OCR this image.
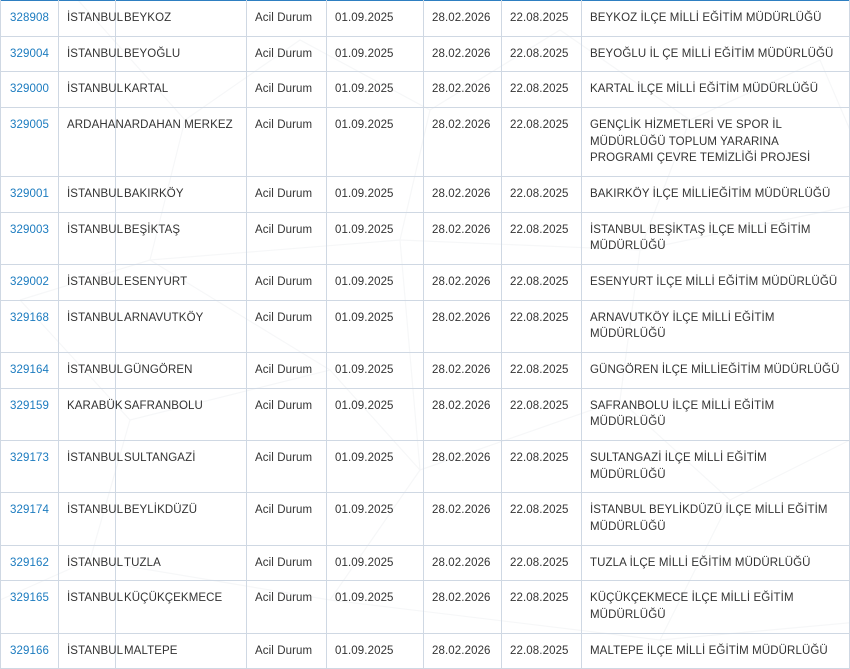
328908	İSTANBUL	BEYKOZ	Acil Durum	01.09.2025	28.02.2026	22.08.2025	BEYKOZ İLÇE MİLLİ EĞİTİM MÜDÜRLÜĞÜ
329004	İSTANBUL	BEYOĞLU	Acil Durum	01.09.2025	28.02.2026	22.08.2025	BEYOĞLU İL ÇE MİLLİ EĞİTİM MÜDÜRLÜĞÜ
329000	İSTANBUL	KARTAL	Acil Durum	01.09.2025	28.02.2026	22.08.2025	KARTAL İLÇE MİLLİ EĞİTİM MÜDÜRLÜĞÜ
329005	ARDAHAN	ARDAHAN MERKEZ	Acil Durum	01.09.2025	28.02.2026	22.08.2025	GENÇLİK HİZMETLERİ VE SPOR İL MÜDÜRLÜĞÜ TOPLUM YARARINA PROGRAMI ÇEVRE TEMİZLİĞİ PROJESİ
329001	İSTANBUL	BAKIRKÖY	Acil Durum	01.09.2025	28.02.2026	22.08.2025	BAKIRKÖY İLÇE MİLLİEĞİTİM MÜDÜRLÜĞÜ
329003	İSTANBUL	BEŞİKTAŞ	Acil Durum	01.09.2025	28.02.2026	22.08.2025	İSTANBUL BEŞİKTAŞ İLÇE MİLLİ EĞİTİM MÜDÜRLÜĞÜ
329002	İSTANBUL	ESENYURT	Acil Durum	01.09.2025	28.02.2026	22.08.2025	ESENYURT İLÇE MİLLİ EĞİTİM MÜDÜRLÜĞÜ
329168	İSTANBUL	ARNAVUTKÖY	Acil Durum	01.09.2025	28.02.2026	22.08.2025	ARNAVUTKÖY İLÇE MİLLİ EĞİTİM MÜDÜRLÜĞÜ
329164	İSTANBUL	GÜNGÖREN	Acil Durum	01.09.2025	28.02.2026	22.08.2025	GÜNGÖREN İLÇE MİLLİEĞİTİM MÜDÜRLÜĞÜ
329159	KARABÜK	SAFRANBOLU	Acil Durum	01.09.2025	28.02.2026	22.08.2025	SAFRANBOLU İLÇE MİLLİ EĞİTİM MÜDÜRLÜĞÜ
329173	İSTANBUL	SULTANGAZİ	Acil Durum	01.09.2025	28.02.2026	22.08.2025	SULTANGAZİ İLÇE MİLLİ EĞİTİM MÜDÜRLÜĞÜ
329174	İSTANBUL	BEYLİKDÜZÜ	Acil Durum	01.09.2025	28.02.2026	22.08.2025	İSTANBUL BEYLİKDÜZÜ İLÇE MİLLİ EĞİTİM MÜDÜRLÜĞÜ
329162	İSTANBUL	TUZLA	Acil Durum	01.09.2025	28.02.2026	22.08.2025	TUZLA İLÇE MİLLİ EĞİTİM MÜDÜRLÜĞÜ
329165	İSTANBUL	KÜÇÜKÇEKMECE	Acil Durum	01.09.2025	28.02.2026	22.08.2025	KÜÇÜKÇEKMECE İLÇE MİLLİ EĞİTİM MÜDÜRLÜĞÜ
329166	İSTANBUL	MALTEPE	Acil Durum	01.09.2025	28.02.2026	22.08.2025	MALTEPE İLÇE MİLLİ EĞİTİM MÜDÜRLÜĞÜ
